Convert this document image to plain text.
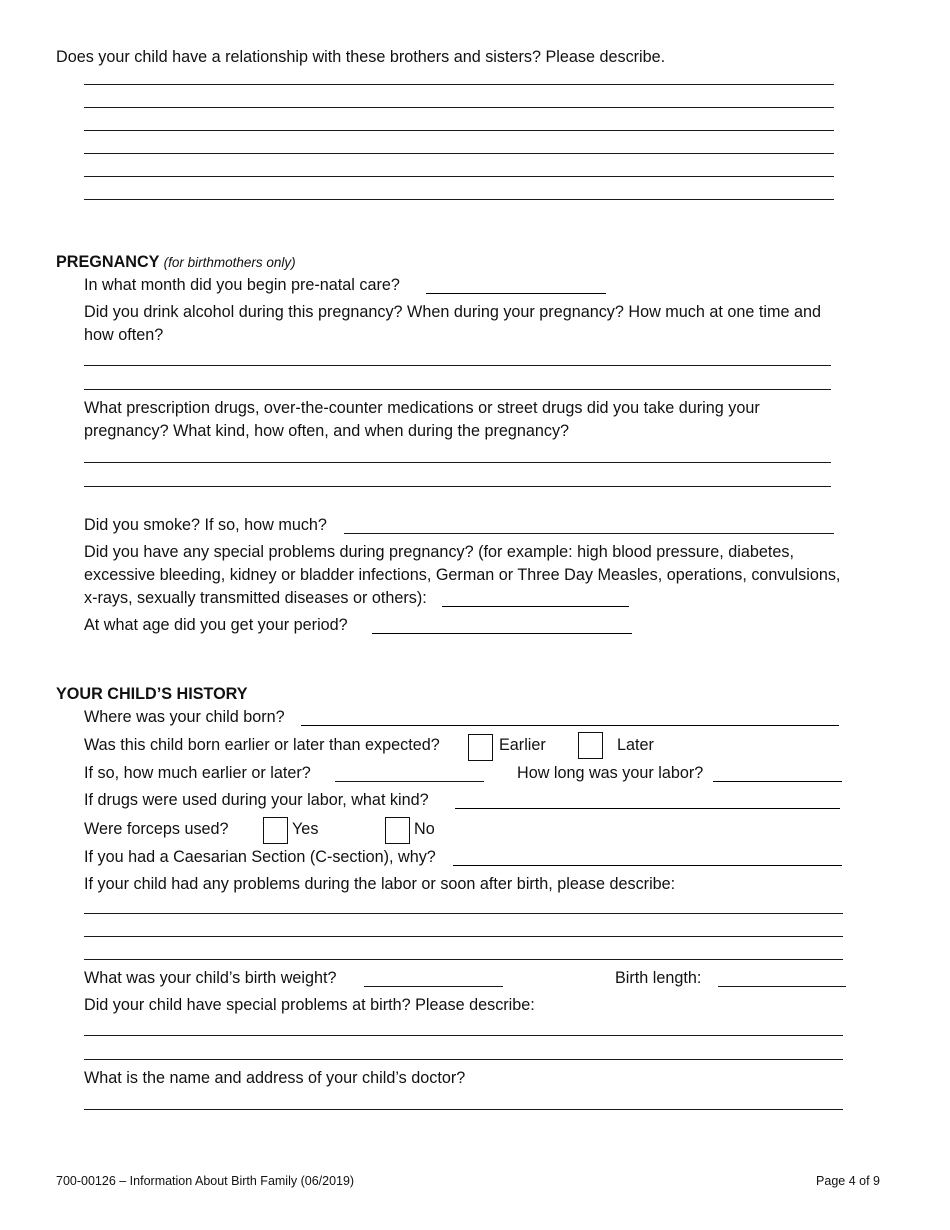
Does your child have a relationship with these brothers and sisters? Please describe.
PREGNANCY (for birthmothers only)
In what month did you begin pre-natal care?
Did you drink alcohol during this pregnancy? When during your pregnancy? How much at one time and
how often?
What prescription drugs, over-the-counter medications or street drugs did you take during your
pregnancy? What kind, how often, and when during the pregnancy?
Did you smoke? If so, how much?
Did you have any special problems during pregnancy? (for example: high blood pressure, diabetes,
excessive bleeding, kidney or bladder infections, German or Three Day Measles, operations, convulsions,
x-rays, sexually transmitted diseases or others):
At what age did you get your period?
YOUR CHILD’S HISTORY
Where was your child born?
Was this child born earlier or later than expected?	Earlier	Later
If so, how much earlier or later?	How long was your labor?
If drugs were used during your labor, what kind?
Were forceps used?	Yes	No
If you had a Caesarian Section (C-section), why?
If your child had any problems during the labor or soon after birth, please describe:
What was your child’s birth weight?	Birth length:
Did your child have special problems at birth? Please describe:
What is the name and address of your child’s doctor?
700-00126 – Information About Birth Family (06/2019)	Page 4 of 9
